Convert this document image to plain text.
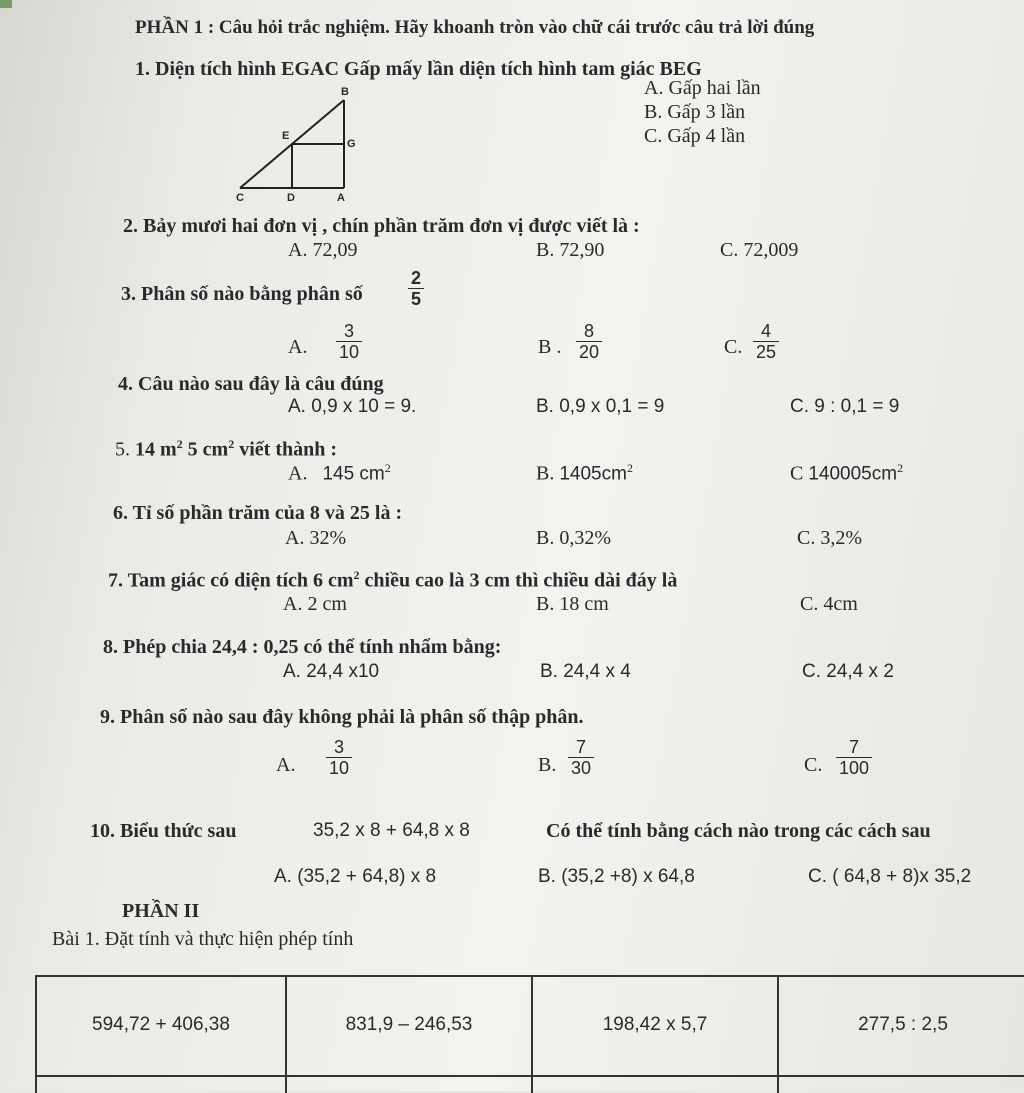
PHẦN 1 : Câu hỏi trắc nghiệm. Hãy khoanh tròn vào chữ cái trước câu trả lời đúng
1. Diện tích hình EGAC Gấp mấy lần diện tích hình tam giác BEG
A. Gấp hai lần
B. Gấp 3 lần
C. Gấp 4 lần
B
E
G
C	D	A
2. Bảy mươi hai đơn vị , chín phần trăm đơn vị được viết là :
A. 72,09	B. 72,90	C. 72,009
3. Phân số nào bằng phân số	$\frac{2}{5}$
A. $\frac{3}{10}$	B . $\frac{8}{20}$	C. $\frac{4}{25}$
4. Câu nào sau đây là câu đúng
A. 0,9 x 10 = 9.	B. 0,9 x 0,1 = 9	C. 9 : 0,1 = 9
5. 14 $m^2$ 5 $cm^2$ viết thành :
A. 145 $cm^2$	B. $1405cm^2$	C $140005cm^2$
6. Tỉ số phần trăm của 8 và 25 là :
A. 32%	B. 0,32%	C. 3,2%
7. Tam giác có diện tích 6 $cm^2$ chiều cao là 3 cm thì chiều dài đáy là
A. 2 cm	B. 18 cm	C. 4cm
8. Phép chia 24,4 : 0,25 có thể tính nhẩm bằng:
A. 24,4 x10	B. 24,4 x 4	C. 24,4 x 2
9. Phân số nào sau đây không phải là phân số thập phân.
A. $\frac{3}{10}$	B. $\frac{7}{30}$	C. $\frac{7}{100}$
10. Biểu thức sau	35,2 x 8 + 64,8 x 8	Có thể tính bằng cách nào trong các cách sau
A. (35,2 + 64,8) x 8	B. (35,2 +8) x 64,8	C. ( 64,8 + 8)x 35,2
PHẦN II
Bài 1. Đặt tính và thực hiện phép tính
594,72 + 406,38	831,9 – 246,53	198,42 x 5,7	277,5 : 2,5
